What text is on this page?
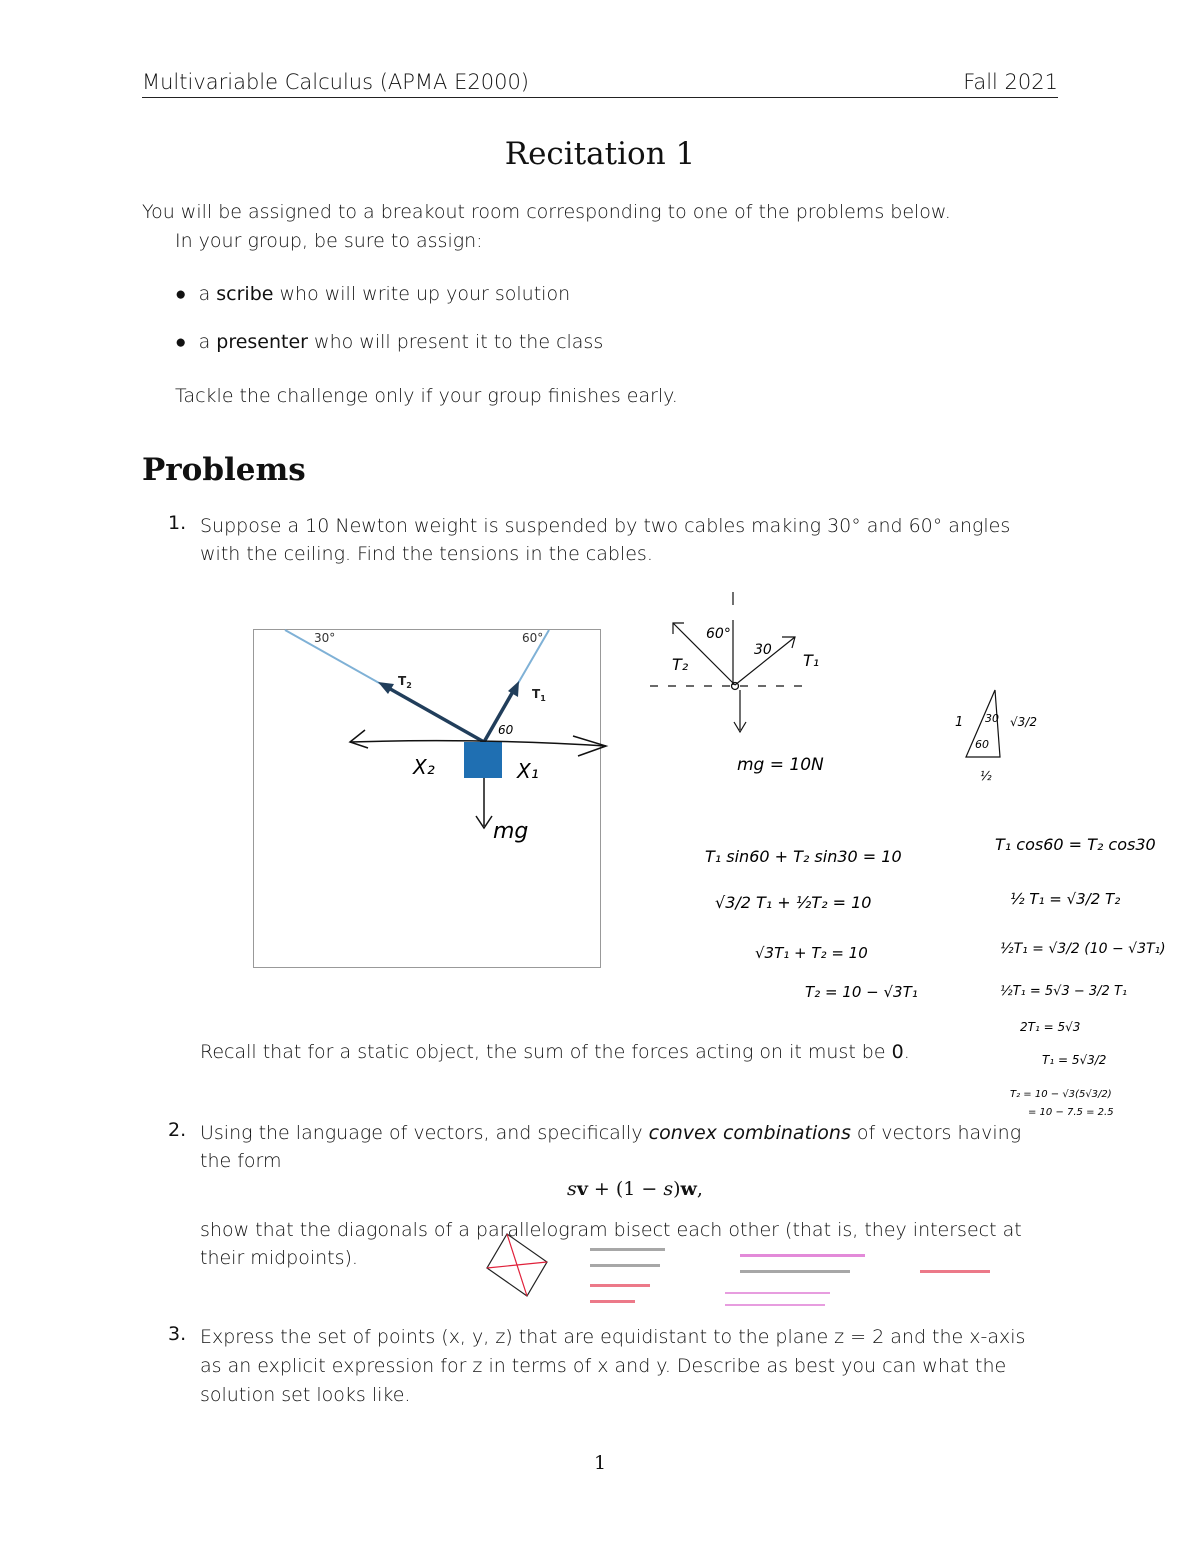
Multivariable Calculus (APMA E2000)	Fall 2021
Recitation 1
You will be assigned to a breakout room corresponding to one of the problems below.
In your group, be sure to assign:
● a scribe who will write up your solution
● a presenter who will present it to the class
Tackle the challenge only if your group finishes early.
Problems
1. Suppose a 10 Newton weight is suspended by two cables making 30° and 60° angles
with the ceiling. Find the tensions in the cables.
30°	60°
$T_2$
$T_1$
X₂	X₁
60
mg
60°
30
T₂	T₁
mg = 10N
1 30
60
√3/2
½
T₁ sin60 + T₂ sin30 = 10
√3/2 T₁ + ½T₂ = 10
√3T₁ + T₂ = 10
T₂ = 10 − √3T₁
T₁ cos60 = T₂ cos30
½ T₁ = √3/2 T₂
½T₁ = √3/2 (10 − √3T₁)
½T₁ = 5√3 − 3/2 T₁
2T₁ = 5√3
T₁ = 5√3/2
T₂ = 10 − √3(5√3/2)
= 10 − 7.5 = 2.5
Recall that for a static object, the sum of the forces acting on it must be 0.
2. Using the language of vectors, and specifically convex combinations of vectors having
the form
sv + (1 − s)w,
show that the diagonals of a parallelogram bisect each other (that is, they intersect at
their midpoints).
3. Express the set of points (x, y, z) that are equidistant to the plane z = 2 and the x-axis
as an explicit expression for z in terms of x and y. Describe as best you can what the
solution set looks like.
1
